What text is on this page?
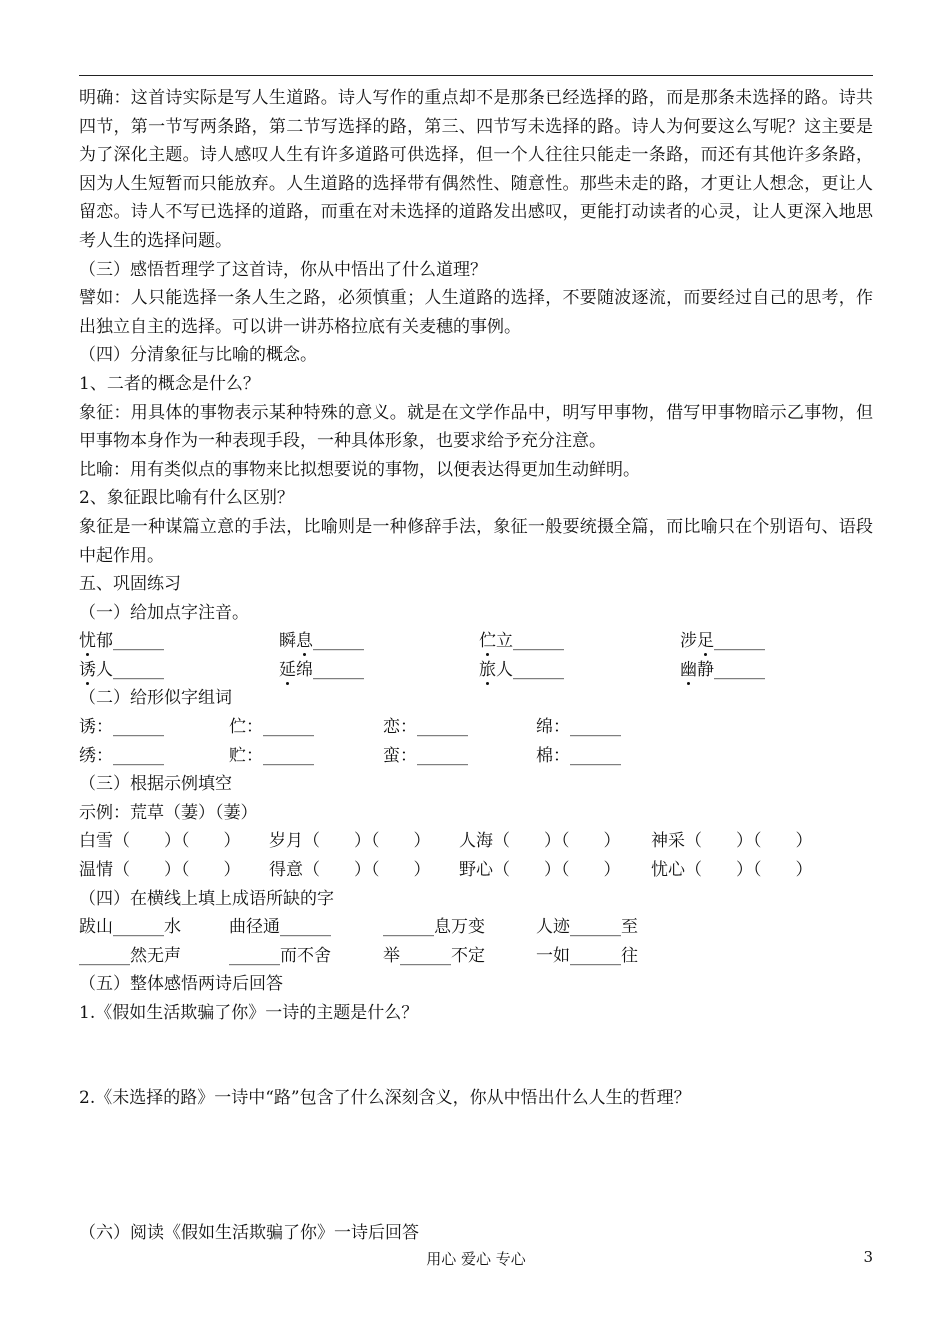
明确：这首诗实际是写人生道路。诗人写作的重点却不是那条已经选择的路，而是那条未选择的路。诗共四节，第一节写两条路，第二节写选择的路，第三、四节写未选择的路。诗人为何要这么写呢？这主要是为了深化主题。诗人感叹人生有许多道路可供选择，但一个人往往只能走一条路，而还有其他许多条路，因为人生短暂而只能放弃。人生道路的选择带有偶然性、随意性。那些未走的路，才更让人想念，更让人留恋。诗人不写已选择的道路，而重在对未选择的道路发出感叹，更能打动读者的心灵，让人更深入地思考人生的选择问题。

（三）感悟哲理学了这首诗，你从中悟出了什么道理？

譬如：人只能选择一条人生之路，必须慎重；人生道路的选择，不要随波逐流，而要经过自己的思考，作出独立自主的选择。可以讲一讲苏格拉底有关麦穗的事例。

（四）分清象征与比喻的概念。

1、二者的概念是什么？

象征：用具体的事物表示某种特殊的意义。就是在文学作品中，明写甲事物，借写甲事物暗示乙事物，但甲事物本身作为一种表现手段，一种具体形象，也要求给予充分注意。

比喻：用有类似点的事物来比拟想要说的事物，以便表达得更加生动鲜明。

2、象征跟比喻有什么区别？

象征是一种谋篇立意的手法，比喻则是一种修辞手法，象征一般要统摄全篇，而比喻只在个别语句、语段中起作用。

五、巩固练习

（一）给加点字注音。

忧郁______	瞬息______	伫立______	涉足______
诱人______	延绵______	旅人______	幽静______

（二）给形似字组词

诱：______	伫：______	恋：______	绵：______
绣：______	贮：______	蛮：______	棉：______

（三）根据示例填空

示例：荒草（萋）（萋）

白雪（　　）（　　） 岁月（　　）（　　） 人海（　　）（　　） 神采（　　）（　　）
温情（　　）（　　） 得意（　　）（　　） 野心（　　）（　　） 忧心（　　）（　　）

（四）在横线上填上成语所缺的字

跋山______水	曲径通______	______息万变	人迹______至
______然无声	______而不舍	举______不定	一如______往

（五）整体感悟两诗后回答

1.《假如生活欺骗了你》一诗的主题是什么？

2.《未选择的路》一诗中“路”包含了什么深刻含义，你从中悟出什么人生的哲理？

（六）阅读《假如生活欺骗了你》一诗后回答
用心 爱心 专心	3
